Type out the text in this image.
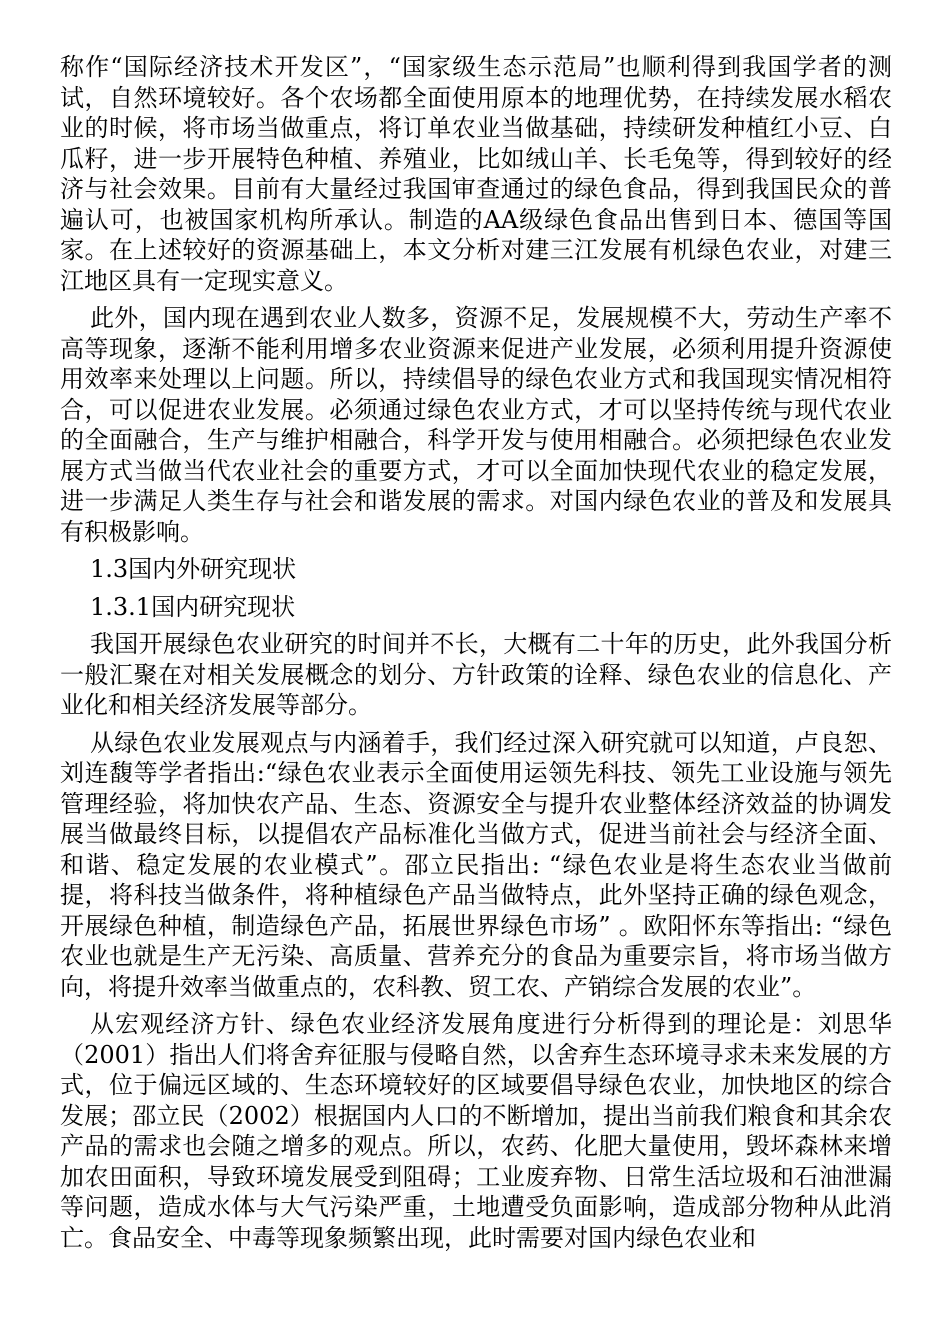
称作“国际经济技术开发区”，“国家级生态示范局”也顺利得到我国学者的测试，自然环境较好。各个农场都全面使用原本的地理优势，在持续发展水稻农业的时候，将市场当做重点，将订单农业当做基础，持续研发种植红小豆、白瓜籽，进一步开展特色种植、养殖业，比如绒山羊、长毛兔等，得到较好的经济与社会效果。目前有大量经过我国审查通过的绿色食品，得到我国民众的普遍认可，也被国家机构所承认。制造的AA级绿色食品出售到日本、德国等国家。在上述较好的资源基础上，本文分析对建三江发展有机绿色农业，对建三江地区具有一定现实意义。

此外，国内现在遇到农业人数多，资源不足，发展规模不大，劳动生产率不高等现象，逐渐不能利用增多农业资源来促进产业发展，必须利用提升资源使用效率来处理以上问题。所以，持续倡导的绿色农业方式和我国现实情况相符合，可以促进农业发展。必须通过绿色农业方式，才可以坚持传统与现代农业的全面融合，生产与维护相融合，科学开发与使用相融合。必须把绿色农业发展方式当做当代农业社会的重要方式，才可以全面加快现代农业的稳定发展，进一步满足人类生存与社会和谐发展的需求。对国内绿色农业的普及和发展具有积极影响。

1.3国内外研究现状

1.3.1国内研究现状

我国开展绿色农业研究的时间并不长，大概有二十年的历史，此外我国分析一般汇聚在对相关发展概念的划分、方针政策的诠释、绿色农业的信息化、产业化和相关经济发展等部分。

从绿色农业发展观点与内涵着手，我们经过深入研究就可以知道，卢良恕、刘连馥等学者指出:“绿色农业表示全面使用运领先科技、领先工业设施与领先管理经验，将加快农产品、生态、资源安全与提升农业整体经济效益的协调发展当做最终目标，以提倡农产品标准化当做方式，促进当前社会与经济全面、和谐、稳定发展的农业模式”。邵立民指出: “绿色农业是将生态农业当做前提，将科技当做条件，将种植绿色产品当做特点，此外坚持正确的绿色观念，开展绿色种植，制造绿色产品，拓展世界绿色市场” 。欧阳怀东等指出: “绿色农业也就是生产无污染、高质量、营养充分的食品为重要宗旨，将市场当做方向，将提升效率当做重点的，农科教、贸工农、产销综合发展的农业”。

从宏观经济方针、绿色农业经济发展角度进行分析得到的理论是：刘思华（2001）指出人们将舍弃征服与侵略自然，以舍弃生态环境寻求未来发展的方式，位于偏远区域的、生态环境较好的区域要倡导绿色农业，加快地区的综合发展；邵立民（2002）根据国内人口的不断增加，提出当前我们粮食和其余农产品的需求也会随之增多的观点。所以，农药、化肥大量使用，毁坏森林来增加农田面积，导致环境发展受到阻碍；工业废弃物、日常生活垃圾和石油泄漏等问题，造成水体与大气污染严重，土地遭受负面影响，造成部分物种从此消亡。食品安全、中毒等现象频繁出现，此时需要对国内绿色农业和
